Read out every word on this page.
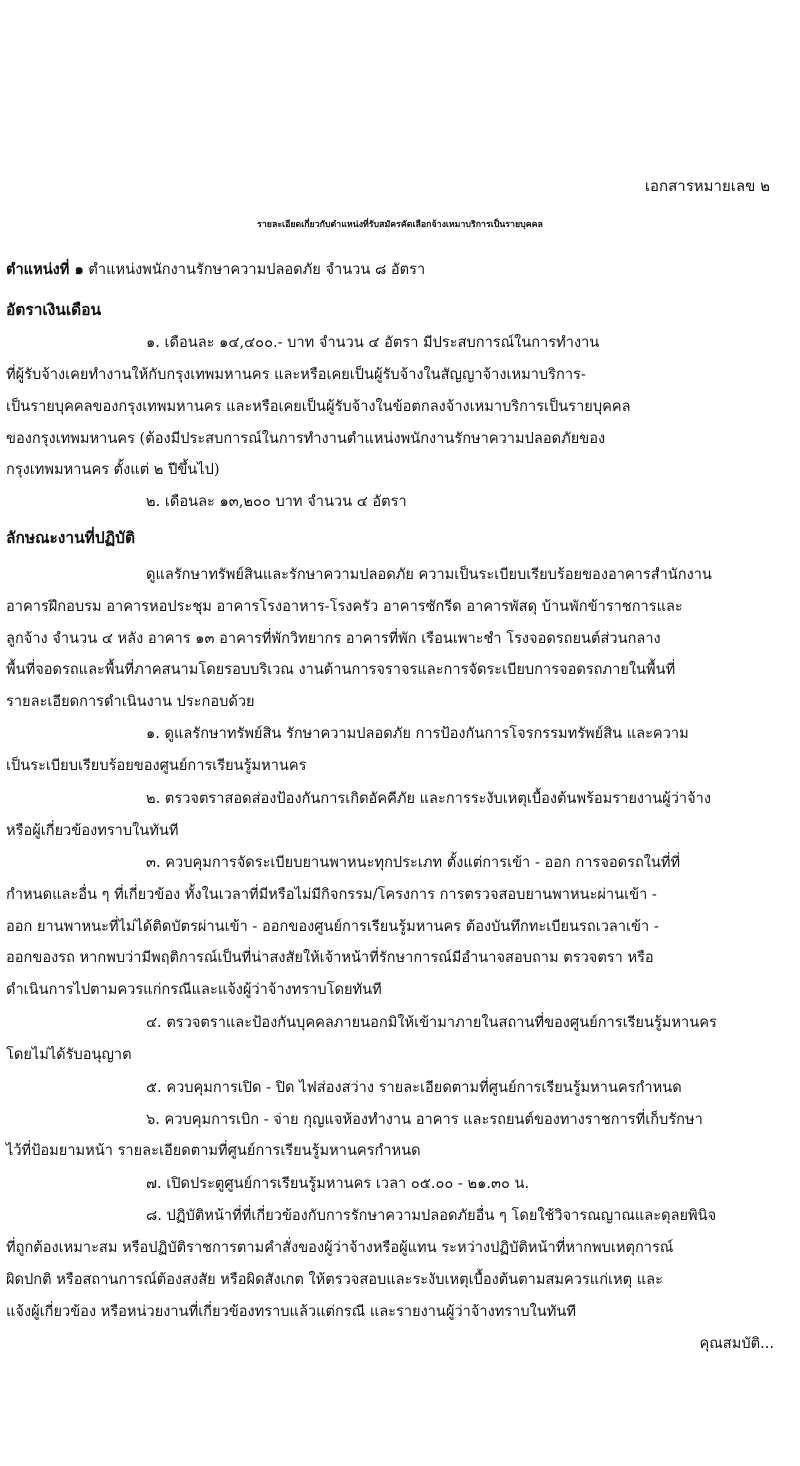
เอกสารหมายเลข ๒
รายละเอียดเกี่ยวกับตำแหน่งที่รับสมัครคัดเลือกจ้างเหมาบริการเป็นรายบุคคล
ตำแหน่งที่ ๑ ตำแหน่งพนักงานรักษาความปลอดภัย จำนวน ๘ อัตรา
อัตราเงินเดือน
๑. เดือนละ ๑๔,๔๐๐.- บาท จำนวน ๔ อัตรา มีประสบการณ์ในการทำงาน
ที่ผู้รับจ้างเคยทำงานให้กับกรุงเทพมหานคร และหรือเคยเป็นผู้รับจ้างในสัญญาจ้างเหมาบริการ-
เป็นรายบุคคลของกรุงเทพมหานคร และหรือเคยเป็นผู้รับจ้างในข้อตกลงจ้างเหมาบริการเป็นรายบุคคล
ของกรุงเทพมหานคร (ต้องมีประสบการณ์ในการทำงานตำแหน่งพนักงานรักษาความปลอดภัยของ
กรุงเทพมหานคร ตั้งแต่ ๒ ปีขึ้นไป)
๒. เดือนละ ๑๓,๒๐๐ บาท จำนวน ๔ อัตรา
ลักษณะงานที่ปฏิบัติ
ดูแลรักษาทรัพย์สินและรักษาความปลอดภัย ความเป็นระเบียบเรียบร้อยของอาคารสำนักงาน
อาคารฝึกอบรม อาคารหอประชุม อาคารโรงอาหาร-โรงครัว อาคารซักรีด อาคารพัสดุ บ้านพักข้าราชการและ
ลูกจ้าง จำนวน ๔ หลัง อาคาร ๑๓ อาคารที่พักวิทยากร อาคารที่พัก เรือนเพาะชำ โรงจอดรถยนต์ส่วนกลาง
พื้นที่จอดรถและพื้นที่ภาคสนามโดยรอบบริเวณ งานด้านการจราจรและการจัดระเบียบการจอดรถภายในพื้นที่
รายละเอียดการดำเนินงาน ประกอบด้วย
๑. ดูแลรักษาทรัพย์สิน รักษาความปลอดภัย การป้องกันการโจรกรรมทรัพย์สิน และความ
เป็นระเบียบเรียบร้อยของศูนย์การเรียนรู้มหานคร
๒. ตรวจตราสอดส่องป้องกันการเกิดอัคคีภัย และการระงับเหตุเบื้องต้นพร้อมรายงานผู้ว่าจ้าง
หรือผู้เกี่ยวข้องทราบในทันที
๓. ควบคุมการจัดระเบียบยานพาหนะทุกประเภท ตั้งแต่การเข้า - ออก การจอดรถในที่ที่
กำหนดและอื่น ๆ ที่เกี่ยวข้อง ทั้งในเวลาที่มีหรือไม่มีกิจกรรม/โครงการ การตรวจสอบยานพาหนะผ่านเข้า -
ออก ยานพาหนะที่ไม่ได้ติดบัตรผ่านเข้า - ออกของศูนย์การเรียนรู้มหานคร ต้องบันทึกทะเบียนรถเวลาเข้า -
ออกของรถ หากพบว่ามีพฤติการณ์เป็นที่น่าสงสัยให้เจ้าหน้าที่รักษาการณ์มีอำนาจสอบถาม ตรวจตรา หรือ
ดำเนินการไปตามควรแก่กรณีและแจ้งผู้ว่าจ้างทราบโดยทันที
๔. ตรวจตราและป้องกันบุคคลภายนอกมิให้เข้ามาภายในสถานที่ของศูนย์การเรียนรู้มหานคร
โดยไม่ได้รับอนุญาต
๕. ควบคุมการเปิด - ปิด ไฟส่องสว่าง รายละเอียดตามที่ศูนย์การเรียนรู้มหานครกำหนด
๖. ควบคุมการเบิก - จ่าย กุญแจห้องทำงาน อาคาร และรถยนต์ของทางราชการที่เก็บรักษา
ไว้ที่ป้อมยามหน้า รายละเอียดตามที่ศูนย์การเรียนรู้มหานครกำหนด
๗. เปิดประตูศูนย์การเรียนรู้มหานคร เวลา ๐๕.๐๐ - ๒๑.๓๐ น.
๘. ปฏิบัติหน้าที่ที่เกี่ยวข้องกับการรักษาความปลอดภัยอื่น ๆ โดยใช้วิจารณญาณและดุลยพินิจ
ที่ถูกต้องเหมาะสม หรือปฏิบัติราชการตามคำสั่งของผู้ว่าจ้างหรือผู้แทน ระหว่างปฏิบัติหน้าที่หากพบเหตุการณ์
ผิดปกติ หรือสถานการณ์ต้องสงสัย หรือผิดสังเกต ให้ตรวจสอบและระงับเหตุเบื้องต้นตามสมควรแก่เหตุ และ
แจ้งผู้เกี่ยวข้อง หรือหน่วยงานที่เกี่ยวข้องทราบแล้วแต่กรณี และรายงานผู้ว่าจ้างทราบในทันที
คุณสมบัติ...
